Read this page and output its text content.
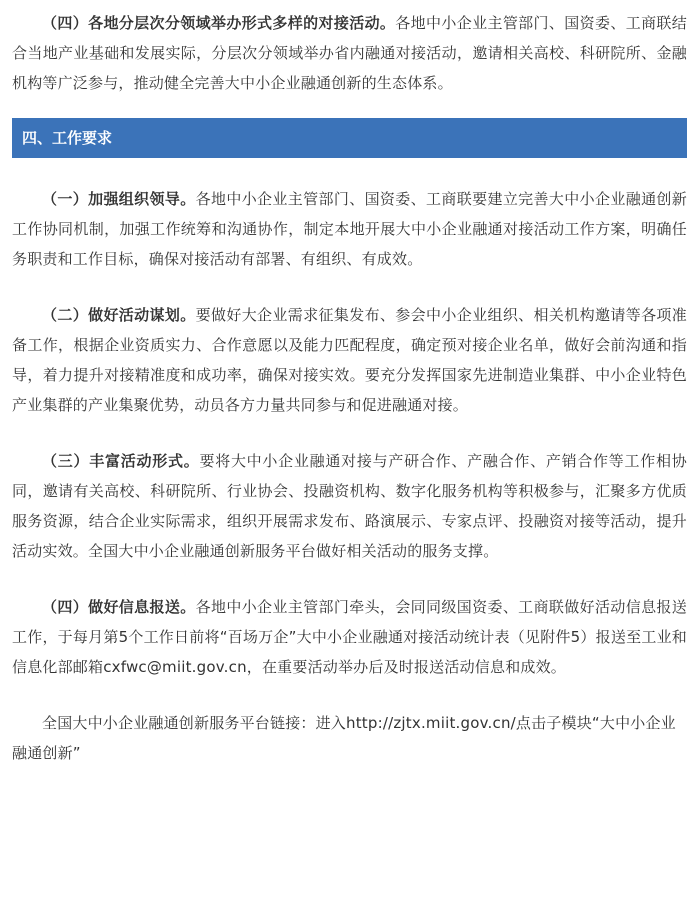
（四）各地分层次分领域举办形式多样的对接活动。各地中小企业主管部门、国资委、工商联结合当地产业基础和发展实际，分层次分领域举办省内融通对接活动，邀请相关高校、科研院所、金融机构等广泛参与，推动健全完善大中小企业融通创新的生态体系。

四、工作要求

（一）加强组织领导。各地中小企业主管部门、国资委、工商联要建立完善大中小企业融通创新工作协同机制，加强工作统筹和沟通协作，制定本地开展大中小企业融通对接活动工作方案，明确任务职责和工作目标，确保对接活动有部署、有组织、有成效。

（二）做好活动谋划。要做好大企业需求征集发布、参会中小企业组织、相关机构邀请等各项准备工作，根据企业资质实力、合作意愿以及能力匹配程度，确定预对接企业名单，做好会前沟通和指导，着力提升对接精准度和成功率，确保对接实效。要充分发挥国家先进制造业集群、中小企业特色产业集群的产业集聚优势，动员各方力量共同参与和促进融通对接。

（三）丰富活动形式。要将大中小企业融通对接与产研合作、产融合作、产销合作等工作相协同，邀请有关高校、科研院所、行业协会、投融资机构、数字化服务机构等积极参与，汇聚多方优质服务资源，结合企业实际需求，组织开展需求发布、路演展示、专家点评、投融资对接等活动，提升活动实效。全国大中小企业融通创新服务平台做好相关活动的服务支撑。

（四）做好信息报送。各地中小企业主管部门牵头，会同同级国资委、工商联做好活动信息报送工作，于每月第5个工作日前将“百场万企”大中小企业融通对接活动统计表（见附件5）报送至工业和信息化部邮箱cxfwc@miit.gov.cn，在重要活动举办后及时报送活动信息和成效。

全国大中小企业融通创新服务平台链接：进入http://zjtx.miit.gov.cn/点击子模块“大中小企业融通创新”
